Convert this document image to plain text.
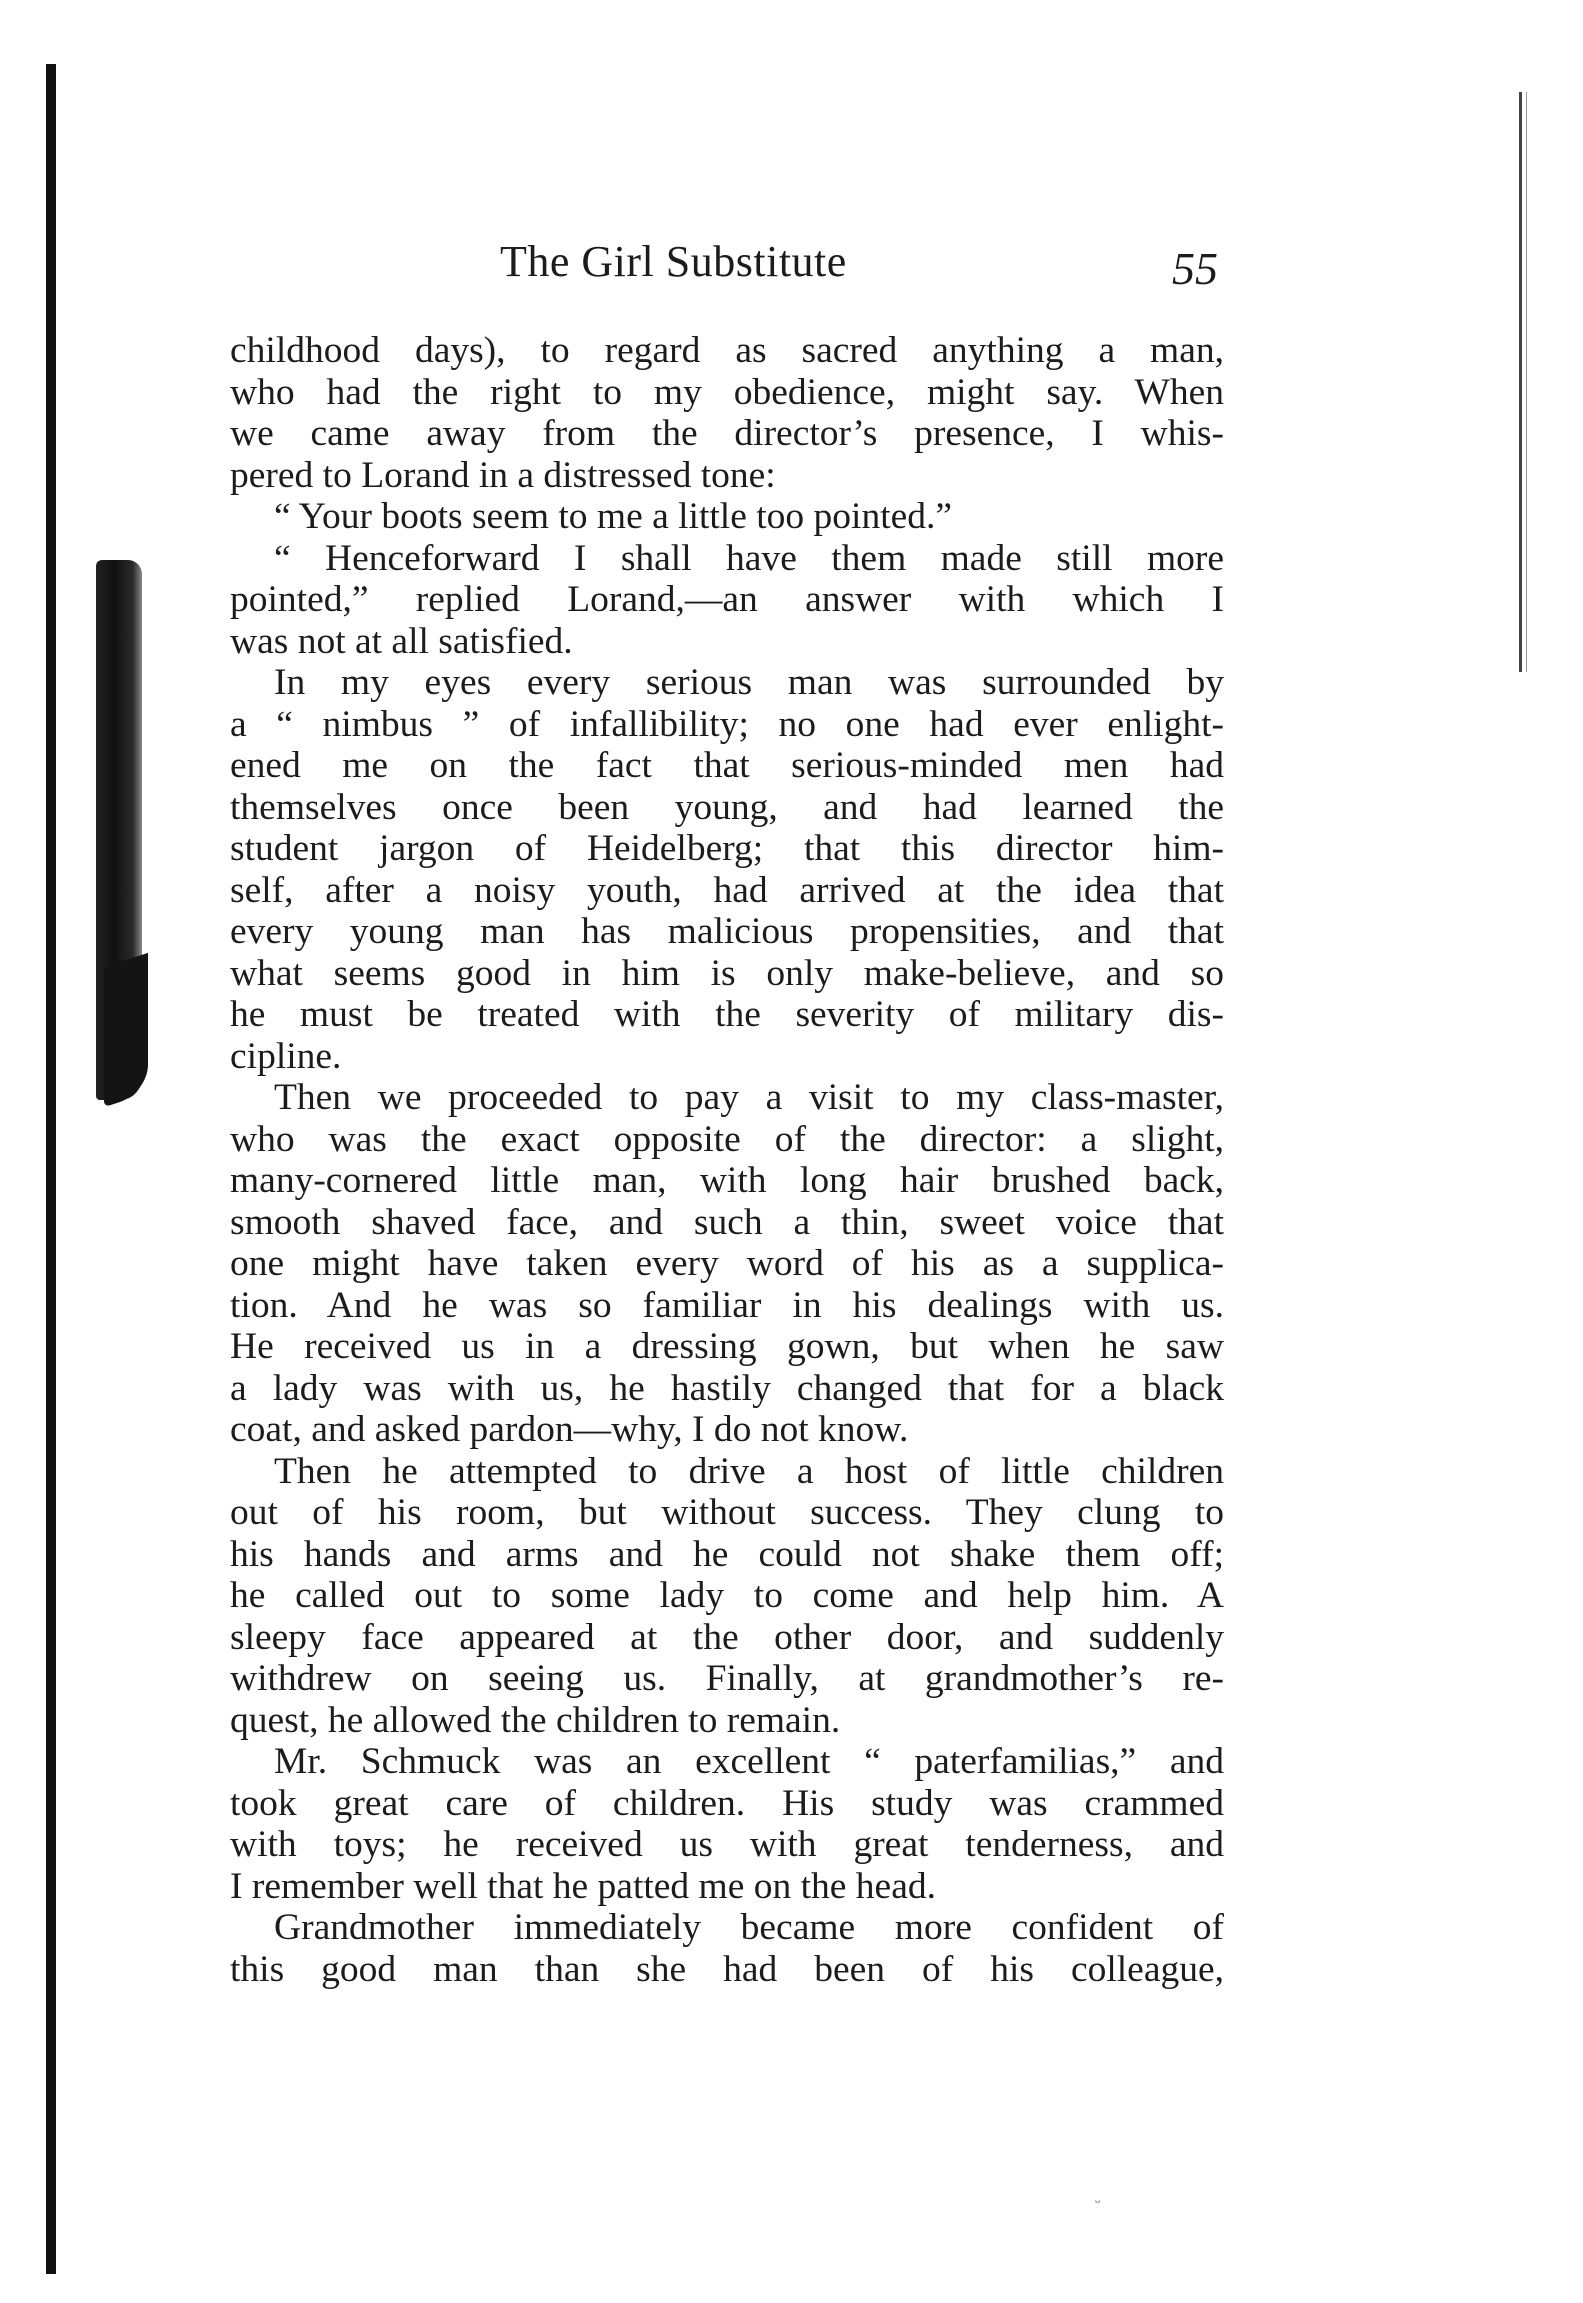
The Girl Substitute	55
childhood days), to regard as sacred anything a man,
who had the right to my obedience, might say. When
we came away from the director’s presence, I whis-
pered to Lorand in a distressed tone:
“ Your boots seem to me a little too pointed.”
“ Henceforward I shall have them made still more
pointed,” replied Lorand,—an answer with which I
was not at all satisfied.
In my eyes every serious man was surrounded by
a “ nimbus ” of infallibility; no one had ever enlight-
ened me on the fact that serious-minded men had
themselves once been young, and had learned the
student jargon of Heidelberg; that this director him-
self, after a noisy youth, had arrived at the idea that
every young man has malicious propensities, and that
what seems good in him is only make-believe, and so
he must be treated with the severity of military dis-
cipline.
Then we proceeded to pay a visit to my class-master,
who was the exact opposite of the director: a slight,
many-cornered little man, with long hair brushed back,
smooth shaved face, and such a thin, sweet voice that
one might have taken every word of his as a supplica-
tion. And he was so familiar in his dealings with us.
He received us in a dressing gown, but when he saw
a lady was with us, he hastily changed that for a black
coat, and asked pardon—why, I do not know.
Then he attempted to drive a host of little children
out of his room, but without success. They clung to
his hands and arms and he could not shake them off;
he called out to some lady to come and help him. A
sleepy face appeared at the other door, and suddenly
withdrew on seeing us. Finally, at grandmother’s re-
quest, he allowed the children to remain.
Mr. Schmuck was an excellent “ paterfamilias,” and
took great care of children. His study was crammed
with toys; he received us with great tenderness, and
I remember well that he patted me on the head.
Grandmother immediately became more confident of
this good man than she had been of his colleague,
ᵕ
